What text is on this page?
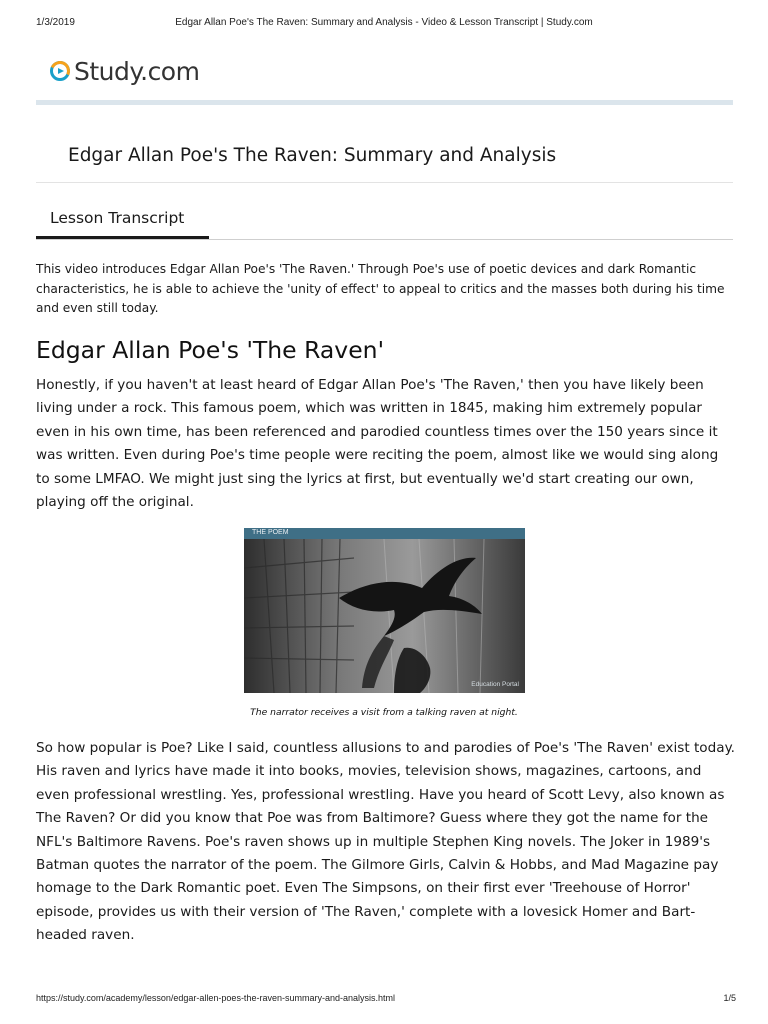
1/3/2019	Edgar Allan Poe's The Raven: Summary and Analysis - Video & Lesson Transcript | Study.com
Study.com
Edgar Allan Poe's The Raven: Summary and Analysis
Lesson Transcript
This video introduces Edgar Allan Poe's 'The Raven.' Through Poe's use of poetic devices and dark Romantic characteristics, he is able to achieve the 'unity of effect' to appeal to critics and the masses both during his time and even still today.
Edgar Allan Poe's 'The Raven'
Honestly, if you haven't at least heard of Edgar Allan Poe's 'The Raven,' then you have likely been living under a rock. This famous poem, which was written in 1845, making him extremely popular even in his own time, has been referenced and parodied countless times over the 150 years since it was written. Even during Poe's time people were reciting the poem, almost like we would sing along to some LMFAO. We might just sing the lyrics at first, but eventually we'd start creating our own, playing off the original.
THE POEM
Education Portal
The narrator receives a visit from a talking raven at night.
So how popular is Poe? Like I said, countless allusions to and parodies of Poe's 'The Raven' exist today. His raven and lyrics have made it into books, movies, television shows, magazines, cartoons, and even professional wrestling. Yes, professional wrestling. Have you heard of Scott Levy, also known as The Raven? Or did you know that Poe was from Baltimore? Guess where they got the name for the NFL's Baltimore Ravens. Poe's raven shows up in multiple Stephen King novels. The Joker in 1989's Batman quotes the narrator of the poem. The Gilmore Girls, Calvin & Hobbs, and Mad Magazine pay homage to the Dark Romantic poet. Even The Simpsons, on their first ever 'Treehouse of Horror' episode, provides us with their version of 'The Raven,' complete with a lovesick Homer and Bart-headed raven.
https://study.com/academy/lesson/edgar-allen-poes-the-raven-summary-and-analysis.html	1/5
